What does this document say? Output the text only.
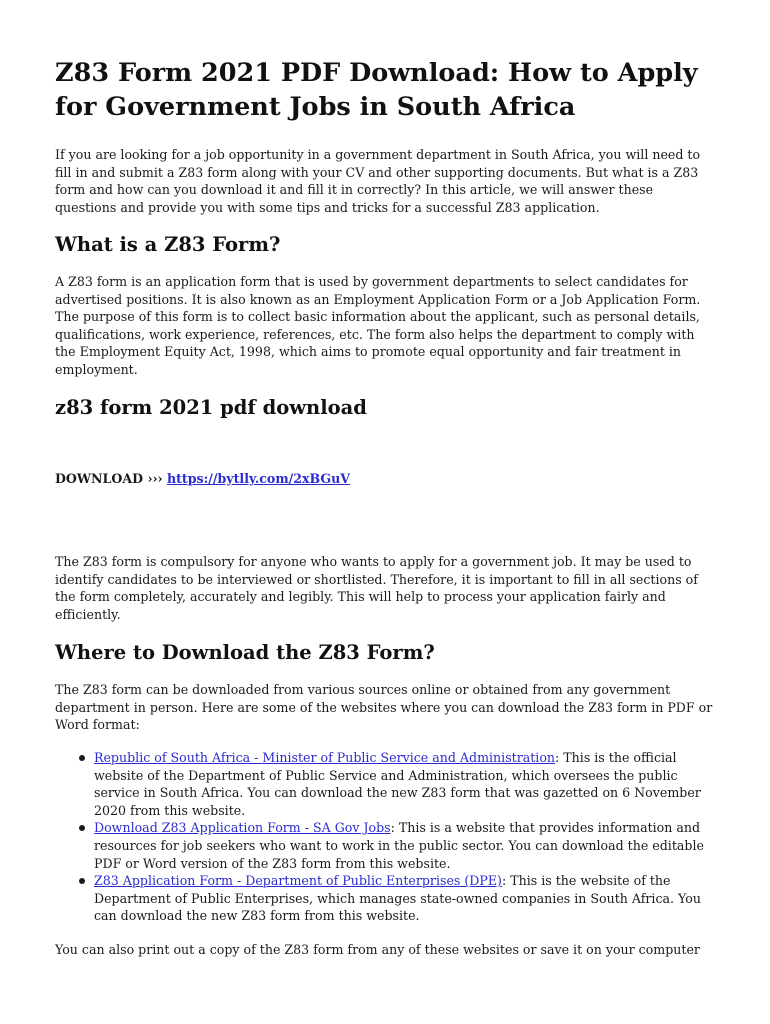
Z83 Form 2021 PDF Download: How to Apply for Government Jobs in South Africa

If you are looking for a job opportunity in a government department in South Africa, you will need to fill in and submit a Z83 form along with your CV and other supporting documents. But what is a Z83 form and how can you download it and fill it in correctly? In this article, we will answer these questions and provide you with some tips and tricks for a successful Z83 application.

What is a Z83 Form?

A Z83 form is an application form that is used by government departments to select candidates for advertised positions. It is also known as an Employment Application Form or a Job Application Form. The purpose of this form is to collect basic information about the applicant, such as personal details, qualifications, work experience, references, etc. The form also helps the department to comply with the Employment Equity Act, 1998, which aims to promote equal opportunity and fair treatment in employment.

z83 form 2021 pdf download
DOWNLOAD ››› https://bytlly.com/2xBGuV

The Z83 form is compulsory for anyone who wants to apply for a government job. It may be used to identify candidates to be interviewed or shortlisted. Therefore, it is important to fill in all sections of the form completely, accurately and legibly. This will help to process your application fairly and efficiently.

Where to Download the Z83 Form?

The Z83 form can be downloaded from various sources online or obtained from any government department in person. Here are some of the websites where you can download the Z83 form in PDF or Word format:

Republic of South Africa - Minister of Public Service and Administration: This is the official website of the Department of Public Service and Administration, which oversees the public service in South Africa. You can download the new Z83 form that was gazetted on 6 November 2020 from this website.
Download Z83 Application Form - SA Gov Jobs: This is a website that provides information and resources for job seekers who want to work in the public sector. You can download the editable PDF or Word version of the Z83 form from this website.
Z83 Application Form - Department of Public Enterprises (DPE): This is the website of the Department of Public Enterprises, which manages state-owned companies in South Africa. You can download the new Z83 form from this website.

You can also print out a copy of the Z83 form from any of these websites or save it on your computer
